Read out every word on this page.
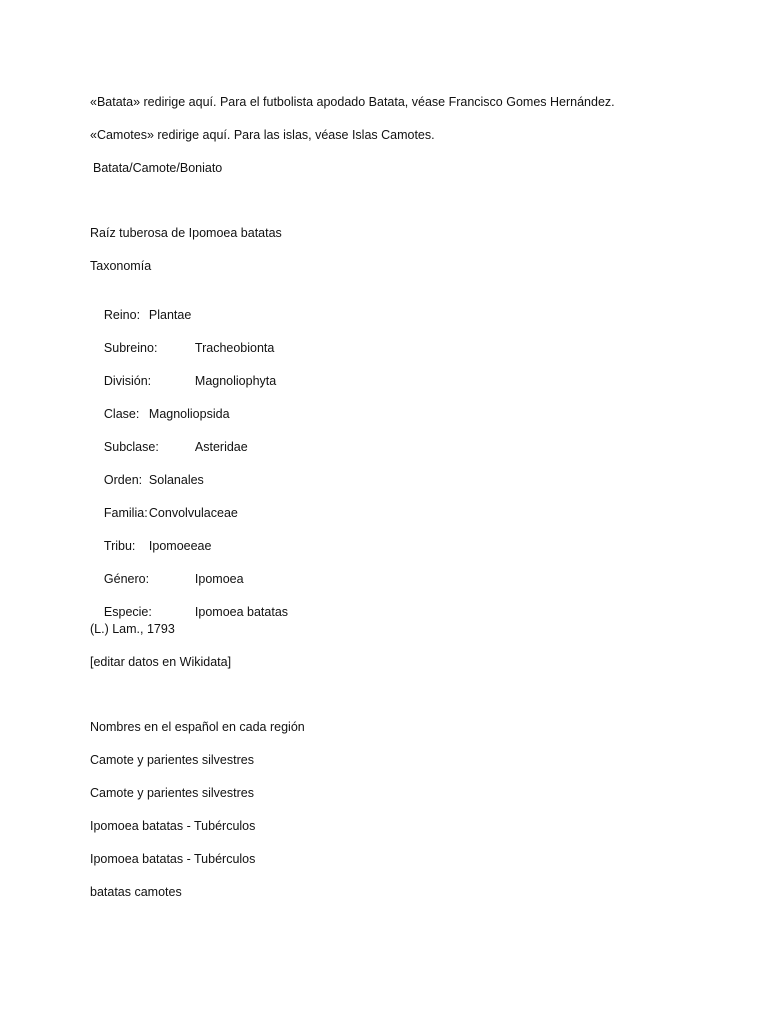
«Batata» redirige aquí. Para el futbolista apodado Batata, véase Francisco Gomes Hernández.
«Camotes» redirige aquí. Para las islas, véase Islas Camotes.
Batata/Camote/Boniato
Raíz tuberosa de Ipomoea batatas
Taxonomía

Reino: Plantae

Subreino:	Tracheobionta

División:	Magnoliophyta

Clase: Magnoliopsida

Subclase:	Asteridae

Orden: Solanales

Familia:Convolvulaceae

Tribu: Ipomoeeae

Género:	Ipomoea

Especie:	Ipomoea batatas

(L.) Lam., 1793
[editar datos en Wikidata]
Nombres en el español en cada región
Camote y parientes silvestres
Camote y parientes silvestres
Ipomoea batatas - Tubérculos
Ipomoea batatas - Tubérculos
batatas camotes
